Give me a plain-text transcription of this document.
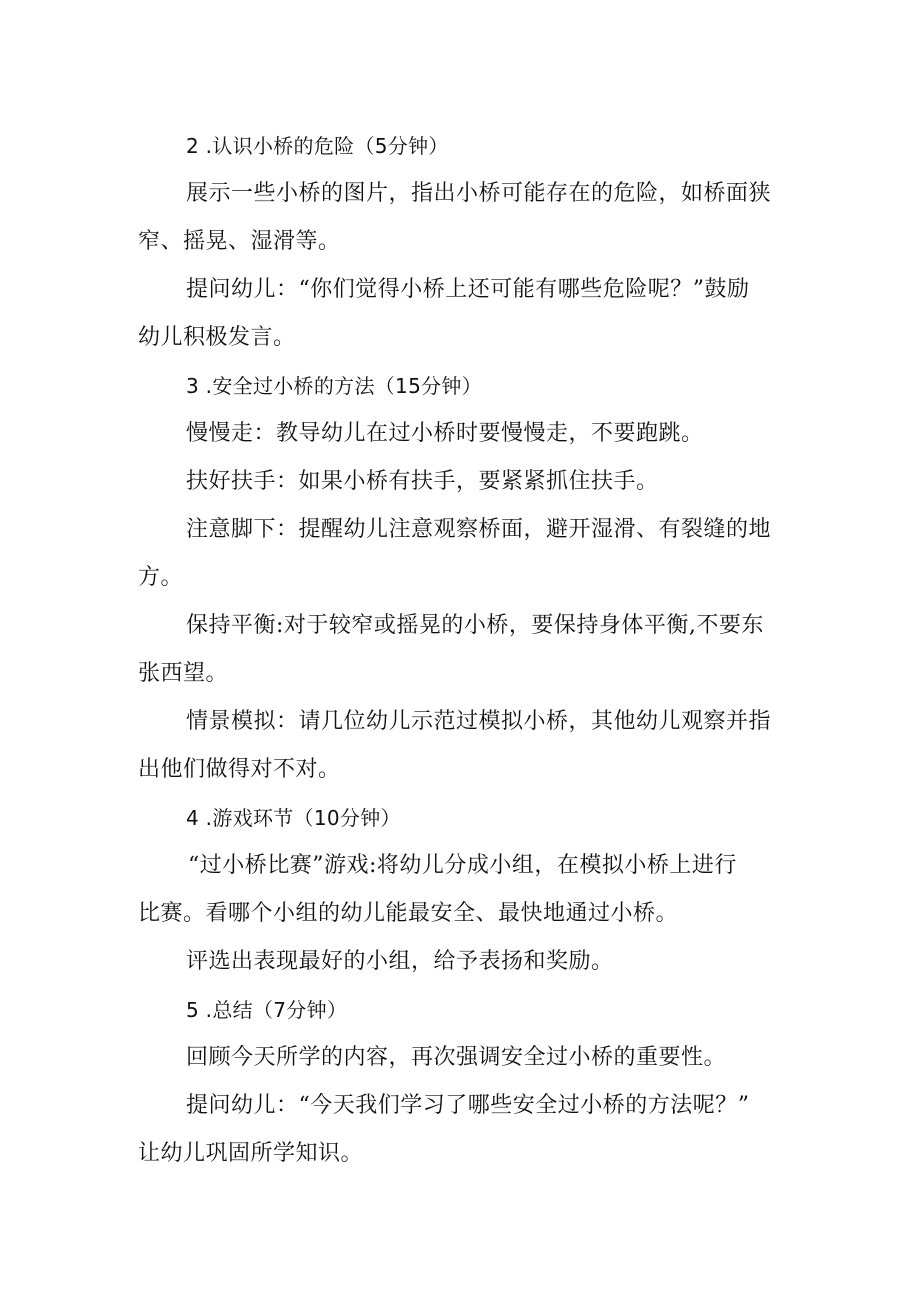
2 .认识小桥的危险（5分钟）
展示一些小桥的图片，指出小桥可能存在的危险，如桥面狭
窄、摇晃、湿滑等。
提问幼儿：“你们觉得小桥上还可能有哪些危险呢？”鼓励
幼儿积极发言。
3 .安全过小桥的方法（15分钟）
慢慢走：教导幼儿在过小桥时要慢慢走，不要跑跳。
扶好扶手：如果小桥有扶手，要紧紧抓住扶手。
注意脚下：提醒幼儿注意观察桥面，避开湿滑、有裂缝的地
方。
保持平衡:对于较窄或摇晃的小桥，要保持身体平衡,不要东
张西望。
情景模拟：请几位幼儿示范过模拟小桥，其他幼儿观察并指
出他们做得对不对。
4 .游戏环节（10分钟）
“过小桥比赛”游戏:将幼儿分成小组，在模拟小桥上进行
比赛。看哪个小组的幼儿能最安全、最快地通过小桥。
评选出表现最好的小组，给予表扬和奖励。
5 .总结（7分钟）
回顾今天所学的内容，再次强调安全过小桥的重要性。
提问幼儿：“今天我们学习了哪些安全过小桥的方法呢？”
让幼儿巩固所学知识。
